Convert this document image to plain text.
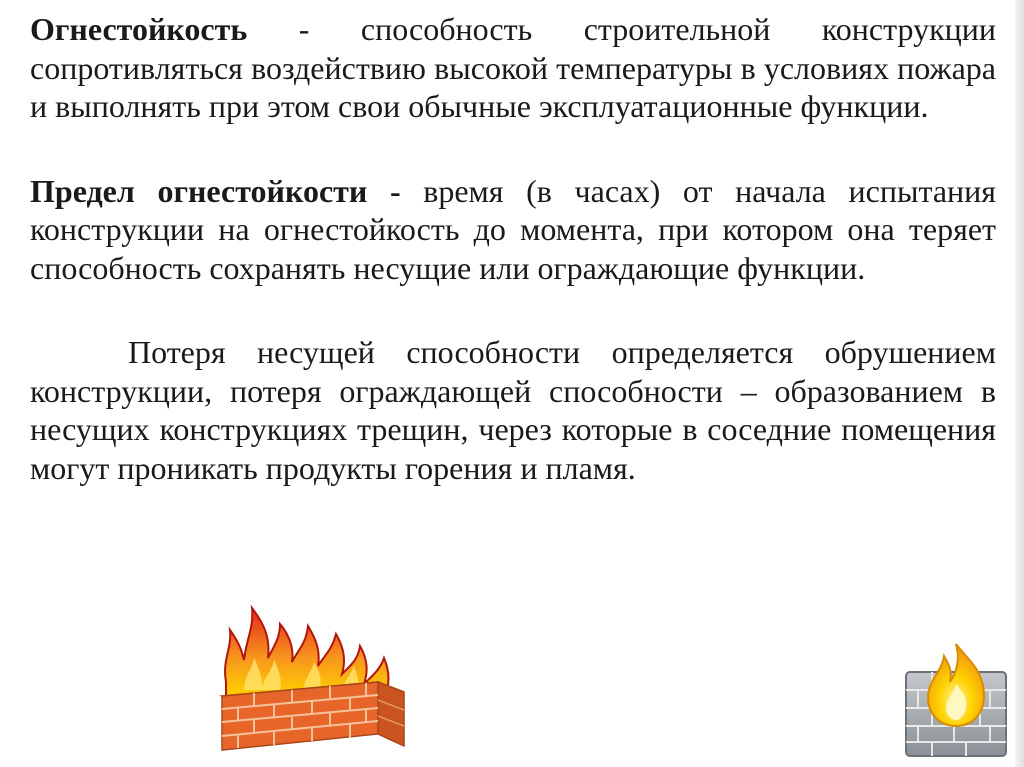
Огнестойкость - способность строительной конструкции сопротивляться воздействию высокой температуры в условиях пожара и выполнять при этом свои обычные эксплуатационные функции.

Предел огнестойкости - время (в часах) от начала испытания конструкции на огнестойкость до момента, при котором она теряет способность сохранять несущие или ограждающие функции.

Потеря несущей способности определяется обрушением конструкции, потеря ограждающей способности – образованием в несущих конструкциях трещин, через которые в соседние помещения могут проникать продукты горения и пламя.
